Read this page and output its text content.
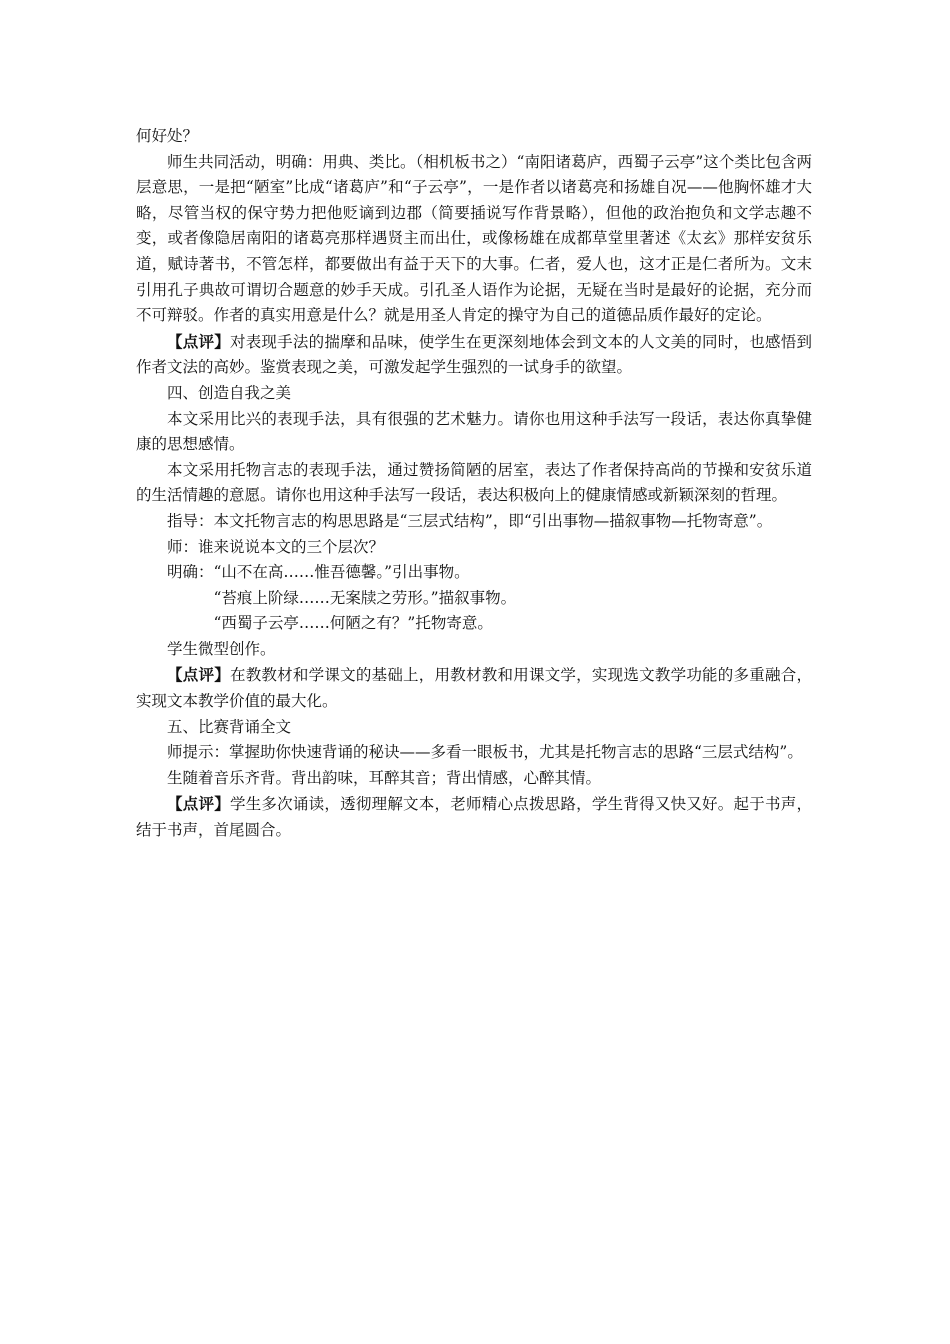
何好处？

师生共同活动，明确：用典、类比。（相机板书之）“南阳诸葛庐，西蜀子云亭”这个类比包含两层意思，一是把“陋室”比成“诸葛庐”和“子云亭”，一是作者以诸葛亮和扬雄自况——他胸怀雄才大略，尽管当权的保守势力把他贬谪到边郡（简要插说写作背景略），但他的政治抱负和文学志趣不变，或者像隐居南阳的诸葛亮那样遇贤主而出仕，或像杨雄在成都草堂里著述《太玄》那样安贫乐道，赋诗著书，不管怎样，都要做出有益于天下的大事。仁者，爱人也，这才正是仁者所为。文末引用孔子典故可谓切合题意的妙手天成。引孔圣人语作为论据，无疑在当时是最好的论据，充分而不可辩驳。作者的真实用意是什么？就是用圣人肯定的操守为自己的道德品质作最好的定论。

【点评】对表现手法的揣摩和品味，使学生在更深刻地体会到文本的人文美的同时，也感悟到作者文法的高妙。鉴赏表现之美，可激发起学生强烈的一试身手的欲望。

四、创造自我之美

本文采用比兴的表现手法，具有很强的艺术魅力。请你也用这种手法写一段话，表达你真挚健康的思想感情。

本文采用托物言志的表现手法，通过赞扬简陋的居室，表达了作者保持高尚的节操和安贫乐道的生活情趣的意愿。请你也用这种手法写一段话，表达积极向上的健康情感或新颖深刻的哲理。

指导：本文托物言志的构思思路是“三层式结构”，即“引出事物—描叙事物—托物寄意”。

师：谁来说说本文的三个层次？

明确：“山不在高……惟吾德馨。”引出事物。

“苔痕上阶绿……无案牍之劳形。”描叙事物。

“西蜀子云亭……何陋之有？”托物寄意。

学生微型创作。

【点评】在教教材和学课文的基础上，用教材教和用课文学，实现选文教学功能的多重融合，实现文本教学价值的最大化。

五、比赛背诵全文

师提示：掌握助你快速背诵的秘诀——多看一眼板书，尤其是托物言志的思路“三层式结构”。

生随着音乐齐背。背出韵味，耳醉其音；背出情感，心醉其情。

【点评】学生多次诵读，透彻理解文本，老师精心点拨思路，学生背得又快又好。起于书声，结于书声，首尾圆合。
